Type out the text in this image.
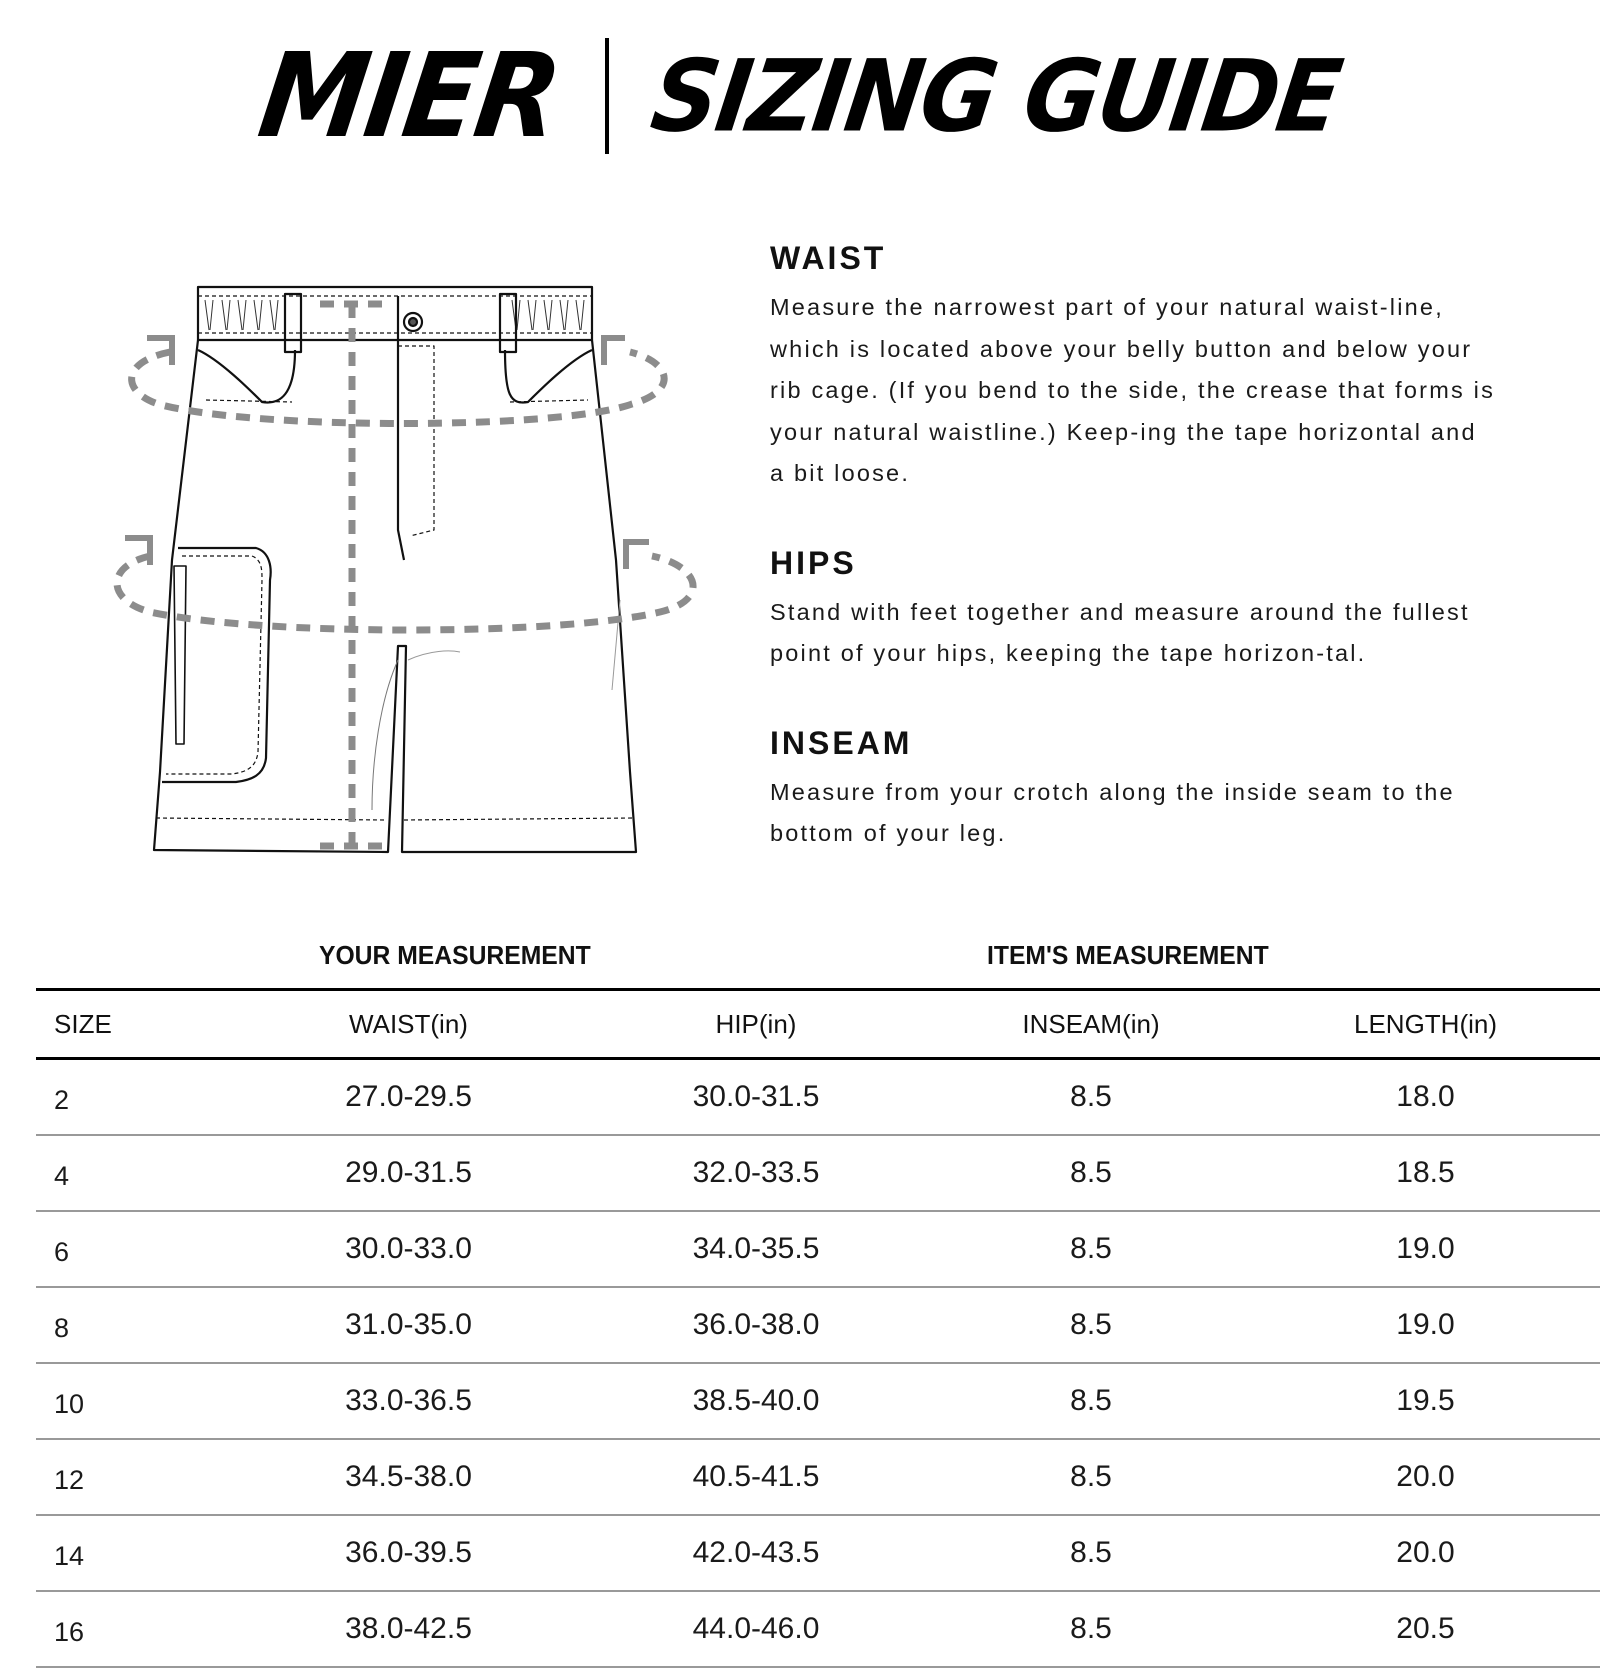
MIER SIZING GUIDE
WAIST

Measure the narrowest part of your natural waist-line, which is located above your belly button and below your rib cage. (If you bend to the side, the crease that forms is your natural waistline.) Keep-ing the tape horizontal and a bit loose.

HIPS

Stand with feet together and measure around the fullest point of your hips, keeping the tape horizon-tal.

INSEAM

Measure from your crotch along the inside seam to the bottom of your leg.

YOUR MEASUREMENT	ITEM'S MEASUREMENT
SIZE	WAIST(in)	HIP(in)	INSEAM(in)	LENGTH(in)
2	27.0-29.5	30.0-31.5	8.5	18.0
4	29.0-31.5	32.0-33.5	8.5	18.5
6	30.0-33.0	34.0-35.5	8.5	19.0
8	31.0-35.0	36.0-38.0	8.5	19.0
10	33.0-36.5	38.5-40.0	8.5	19.5
12	34.5-38.0	40.5-41.5	8.5	20.0
14	36.0-39.5	42.0-43.5	8.5	20.0
16	38.0-42.5	44.0-46.0	8.5	20.5
